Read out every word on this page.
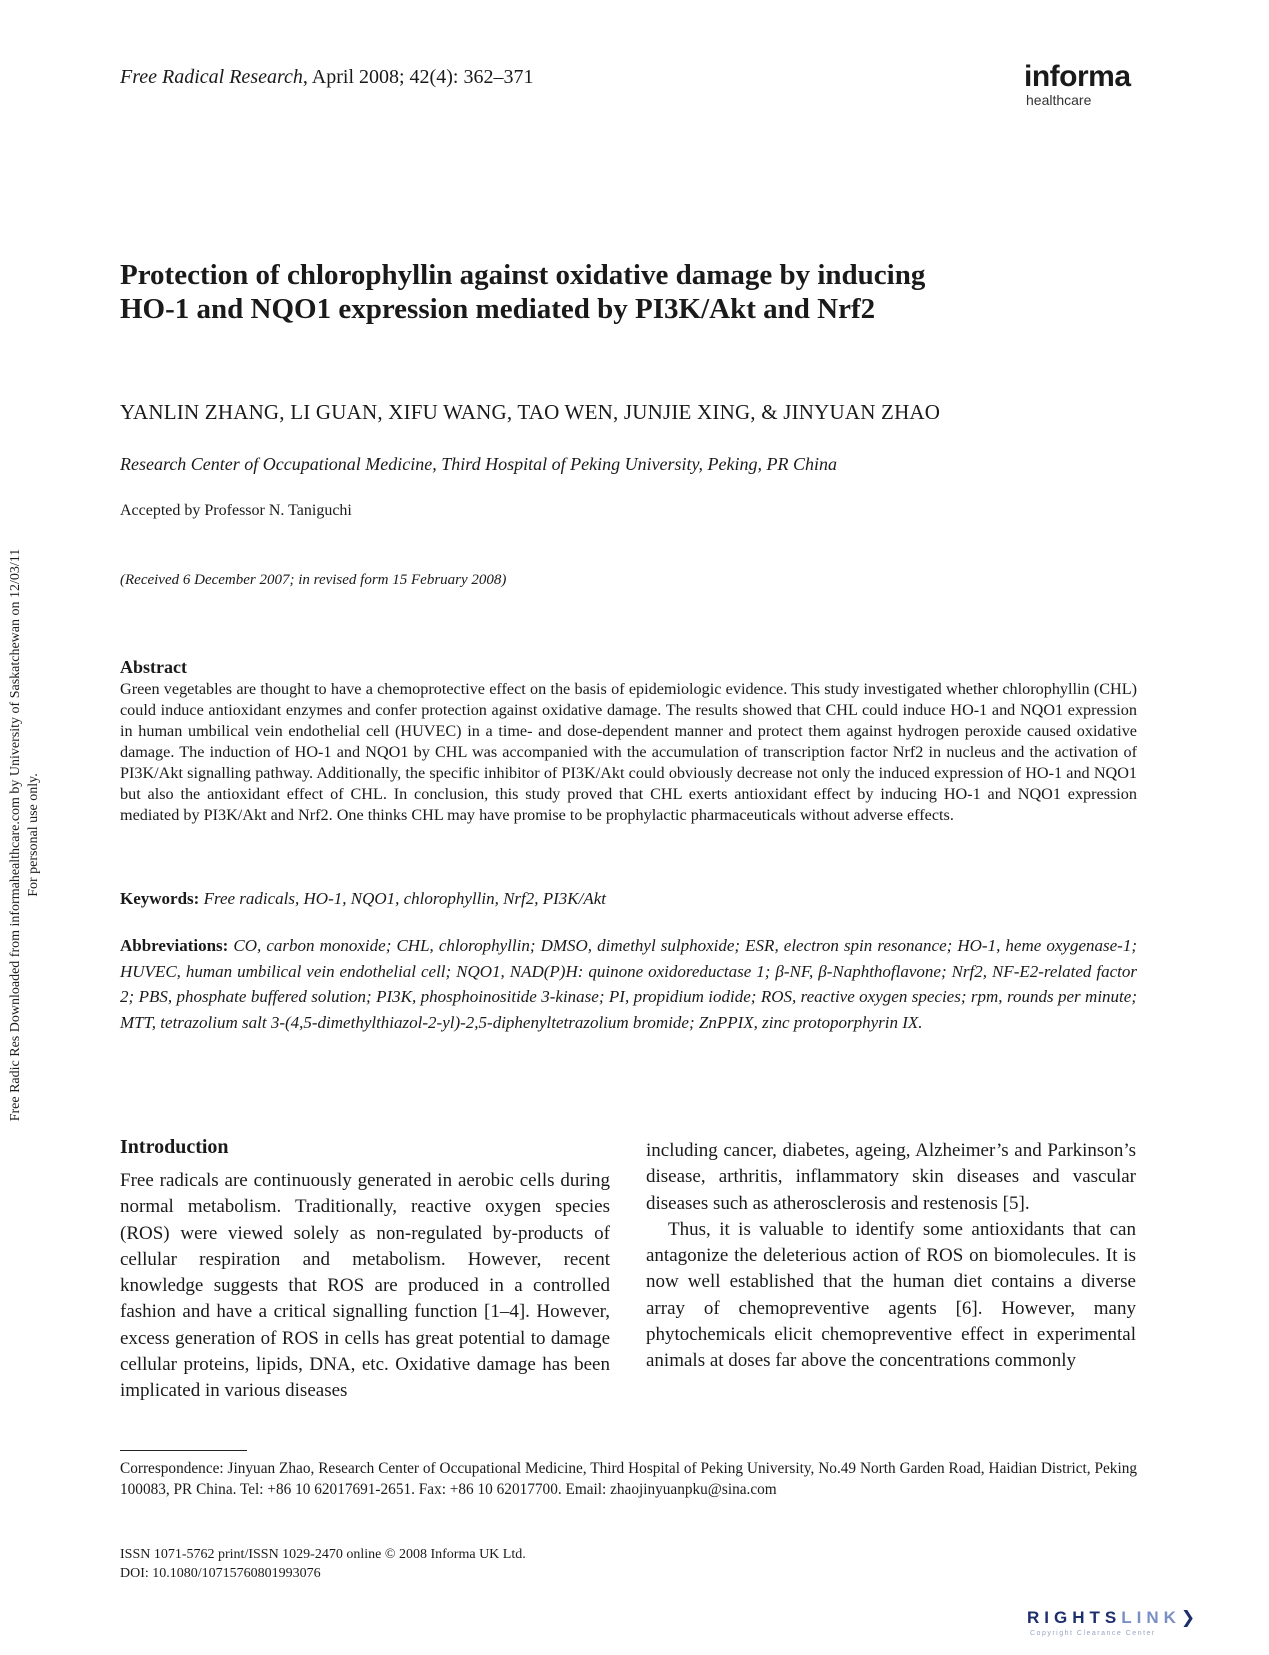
Free Radical Research, April 2008; 42(4): 362–371	informa
healthcare
Protection of chlorophyllin against oxidative damage by inducing
HO-1 and NQO1 expression mediated by PI3K/Akt and Nrf2
YANLIN ZHANG, LI GUAN, XIFU WANG, TAO WEN, JUNJIE XING, & JINYUAN ZHAO
Research Center of Occupational Medicine, Third Hospital of Peking University, Peking, PR China
Accepted by Professor N. Taniguchi
(Received 6 December 2007; in revised form 15 February 2008)
Abstract
Green vegetables are thought to have a chemoprotective effect on the basis of epidemiologic evidence. This study investigated whether chlorophyllin (CHL) could induce antioxidant enzymes and confer protection against oxidative damage. The results showed that CHL could induce HO-1 and NQO1 expression in human umbilical vein endothelial cell (HUVEC) in a time- and dose-dependent manner and protect them against hydrogen peroxide caused oxidative damage. The induction of HO-1 and NQO1 by CHL was accompanied with the accumulation of transcription factor Nrf2 in nucleus and the activation of PI3K/Akt signalling pathway. Additionally, the specific inhibitor of PI3K/Akt could obviously decrease not only the induced expression of HO-1 and NQO1 but also the antioxidant effect of CHL. In conclusion, this study proved that CHL exerts antioxidant effect by inducing HO-1 and NQO1 expression mediated by PI3K/Akt and Nrf2. One thinks CHL may have promise to be prophylactic pharmaceuticals without adverse effects.
Keywords: Free radicals, HO-1, NQO1, chlorophyllin, Nrf2, PI3K/Akt
Abbreviations: CO, carbon monoxide; CHL, chlorophyllin; DMSO, dimethyl sulphoxide; ESR, electron spin resonance; HO-1, heme oxygenase-1; HUVEC, human umbilical vein endothelial cell; NQO1, NAD(P)H: quinone oxidoreductase 1; β-NF, β-Naphthoflavone; Nrf2, NF-E2-related factor 2; PBS, phosphate buffered solution; PI3K, phosphoinositide 3-kinase; PI, propidium iodide; ROS, reactive oxygen species; rpm, rounds per minute; MTT, tetrazolium salt 3-(4,5-dimethylthiazol-2-yl)-2,5-diphenyltetrazolium bromide; ZnPPIX, zinc protoporphyrin IX.
Introduction
Free radicals are continuously generated in aerobic cells during normal metabolism. Traditionally, reactive oxygen species (ROS) were viewed solely as non-regulated by-products of cellular respiration and metabolism. However, recent knowledge suggests that ROS are produced in a controlled fashion and have a critical signalling function [1–4]. However, excess generation of ROS in cells has great potential to damage cellular proteins, lipids, DNA, etc. Oxidative damage has been implicated in various diseases

including cancer, diabetes, ageing, Alzheimer’s and Parkinson’s disease, arthritis, inflammatory skin diseases and vascular diseases such as atherosclerosis and restenosis [5].

Thus, it is valuable to identify some antioxidants that can antagonize the deleterious action of ROS on biomolecules. It is now well established that the human diet contains a diverse array of chemopreventive agents [6]. However, many phytochemicals elicit chemopreventive effect in experimental animals at doses far above the concentrations commonly

Correspondence: Jinyuan Zhao, Research Center of Occupational Medicine, Third Hospital of Peking University, No.49 North Garden Road, Haidian District, Peking 100083, PR China. Tel: +86 10 62017691-2651. Fax: +86 10 62017700. Email: zhaojinyuanpku@sina.com
ISSN 1071-5762 print/ISSN 1029-2470 online © 2008 Informa UK Ltd.
DOI: 10.1080/10715760801993076
Free Radic Res Downloaded from informahealthcare.com by University of Saskatchewan on 12/03/11 For personal use only.
RIGHTSLINK❯
Copyright Clearance Center
